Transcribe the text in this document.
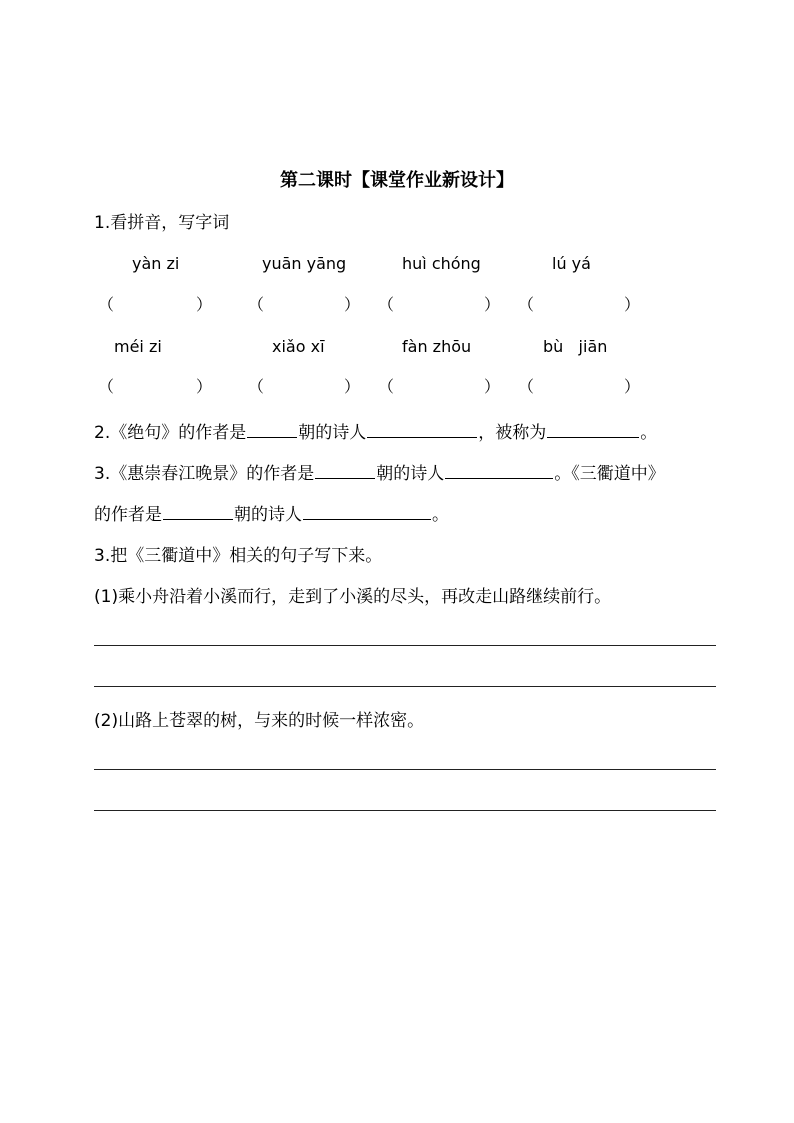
第二课时【课堂作业新设计】
1.看拼音，写字词
yàn zi	yuān yāng	huì chóng	lú yá
（	） （	） （	） （	）
méi zi	xiǎo xī	fàn zhōu	bù   jiān
（	） （	） （	） （	）
2.《绝句》的作者是	朝的诗人	，被称为	。
3.《惠崇春江晚景》的作者是	朝的诗人	。《三衢道中》
的作者是	朝的诗人	。
3.把《三衢道中》相关的句子写下来。
(1)乘小舟沿着小溪而行，走到了小溪的尽头，再改走山路继续前行。
(2)山路上苍翠的树，与来的时候一样浓密。
